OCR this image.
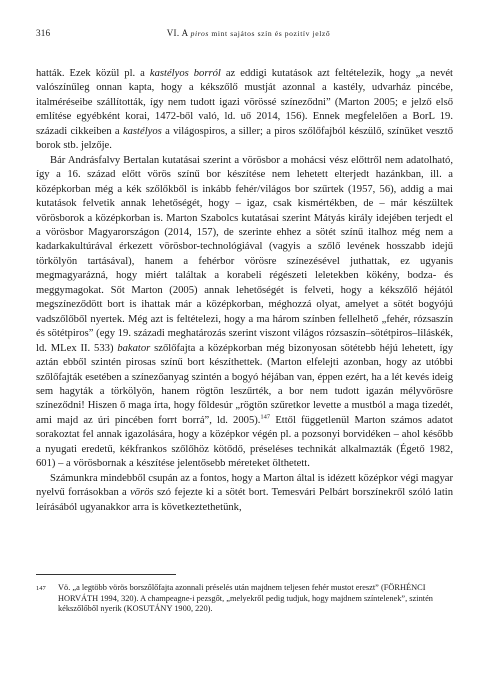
316	VI. A piros mint sajátos szín és pozitív jelző

hatták. Ezek közül pl. a kastélyos borról az eddigi kutatások azt feltételezik, hogy „a nevét valószínűleg onnan kapta, hogy a kékszőlő mustját azonnal a kastély, udvarház pincébe, italméréseibe szállították, így nem tudott igazi vörössé színeződni” (Marton 2005; e jelző első említése egyébként korai, 1472-ből való, ld. uő 2014, 156). Ennek megfelelően a BorL 19. századi cikkeiben a kastélyos a világospiros, a siller; a piros szőlőfajból készülő, színüket vesztő borok stb. jelzője.

Bár Andrásfalvy Bertalan kutatásai szerint a vörösbor a mohácsi vész előttről nem adatolható, így a 16. század előtt vörös színű bor készítése nem lehetett elterjedt hazánkban, ill. a középkorban még a kék szőlőkből is inkább fehér/világos bor szűrtek (1957, 56), addig a mai kutatások felvetik annak lehetőségét, hogy – igaz, csak kismértékben, de – már készültek vörösborok a középkorban is. Marton Szabolcs kutatásai szerint Mátyás király idejében terjedt el a vörösbor Magyarországon (2014, 157), de szerinte ehhez a sötét színű italhoz még nem a kadarkakultúrával érkezett vörösbor-technológiával (vagyis a szőlő levének hosszabb idejű törkölyön tartásával), hanem a fehérbor vörösre színezésével juthattak, ez ugyanis megmagyarázná, hogy miért találtak a korabeli régészeti leletekben kökény, bodza- és meggymagokat. Sőt Marton (2005) annak lehetőségét is felveti, hogy a kékszőlő héjától megszíneződött bort is ihattak már a középkorban, méghozzá olyat, amelyet a sötét bogyójú vadszőlőből nyertek. Még azt is feltételezi, hogy a ma három színben fellelhető „fehér, rózsaszín és sötétpiros” (egy 19. századi meghatározás szerint viszont világos rózsaszín–sötétpiros–liláskék, ld. MLex II. 533) bakator szőlőfajta a középkorban még bizonyosan sötétebb héjú lehetett, így aztán ebből szintén pirosas színű bort készíthettek. (Marton elfelejti azonban, hogy az utóbbi szőlőfajták esetében a színezőanyag szintén a bogyó héjában van, éppen ezért, ha a lét kevés ideig sem hagyták a törkölyön, hanem rögtön leszűrték, a bor nem tudott igazán mélyvörösre színeződni! Hiszen ő maga írta, hogy földesúr „rögtön szűretkor levette a mustból a maga tizedét, ami majd az úri pincében forrt borrá”, ld. 2005).$^{147}$ Ettől függetlenül Marton számos adatot sorakoztat fel annak igazolására, hogy a középkor végén pl. a pozsonyi borvidéken – ahol később a nyugati eredetű, kékfrankos szőlőhöz kötődő, préseléses technikát alkalmazták (Égető 1982, 601) – a vörösbornak a készítése jelentősebb méreteket ölthetett.

Számunkra mindebből csupán az a fontos, hogy a Marton által is idézett középkor végi magyar nyelvű forrásokban a vörös szó fejezte ki a sötét bort. Temesvári Pelbárt borszínekről szóló latin leírásából ugyanakkor arra is következtethetünk,

147	Vö. „a legtöbb vörös borszőlőfajta azonnali préselés után majdnem teljesen fehér mustot ereszt” (FÖRHÉNCI HORVÁTH 1994, 320). A champeagne-i pezsgőt, „melyekről pedig tudjuk, hogy majdnem színtelenek”, szintén kékszőlőből nyerik (KOSUTÁNY 1900, 220).
